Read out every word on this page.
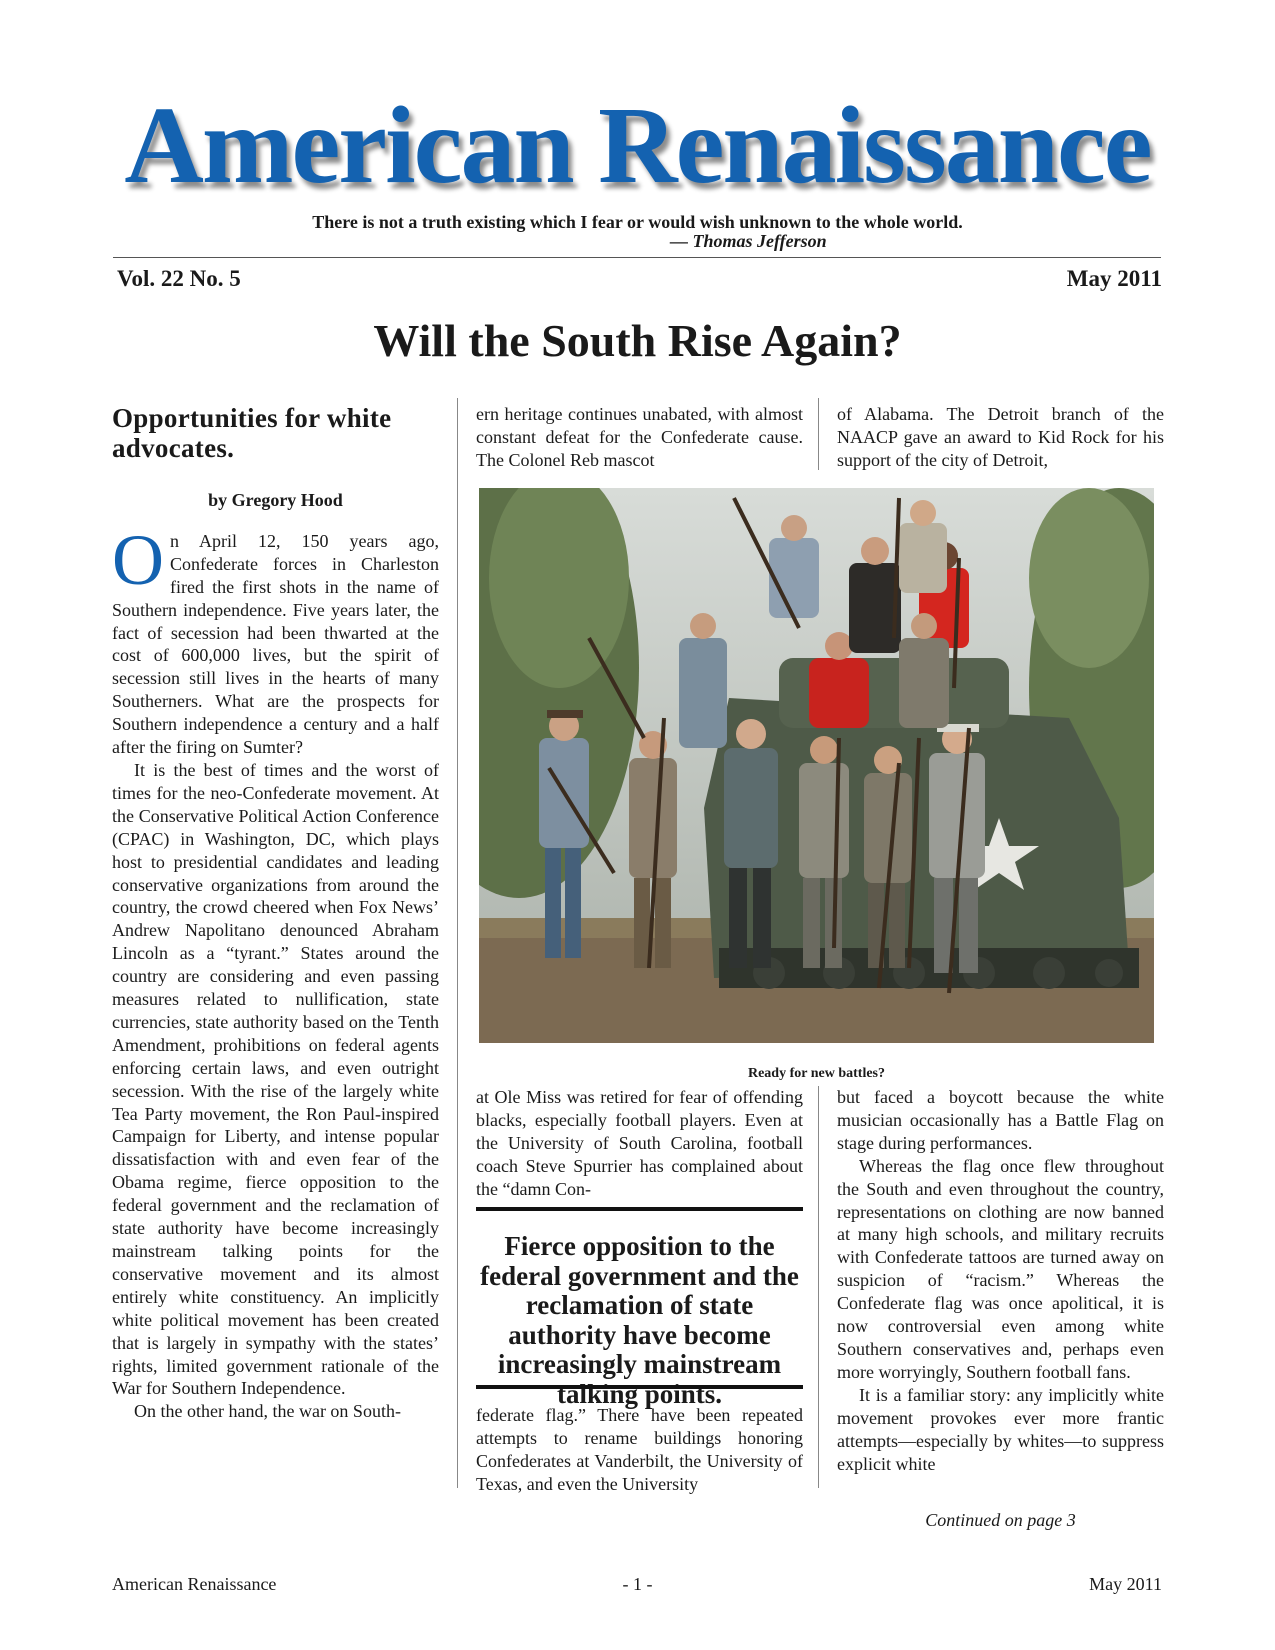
American Renaissance
There is not a truth existing which I fear or would wish unknown to the whole world.
— Thomas Jefferson
Vol. 22 No. 5	May 2011
Will the South Rise Again?
Opportunities for white advocates.
by Gregory Hood

On April 12, 150 years ago, Confederate forces in Charleston fired the first shots in the name of Southern independence. Five years later, the fact of secession had been thwarted at the cost of 600,000 lives, but the spirit of secession still lives in the hearts of many Southerners. What are the prospects for Southern independence a century and a half after the firing on Sumter?

It is the best of times and the worst of times for the neo-Confederate movement. At the Conservative Political Action Conference (CPAC) in Washington, DC, which plays host to presidential candidates and leading conservative organizations from around the country, the crowd cheered when Fox News’ Andrew Napolitano denounced Abraham Lincoln as a “tyrant.” States around the country are considering and even passing measures related to nullification, state currencies, state authority based on the Tenth Amendment, prohibitions on federal agents enforcing certain laws, and even outright secession. With the rise of the largely white Tea Party movement, the Ron Paul-inspired Campaign for Liberty, and intense popular dissatisfaction with and even fear of the Obama regime, fierce opposition to the federal government and the reclamation of state authority have become increasingly mainstream talking points for the conservative movement and its almost entirely white constituency. An implicitly white political movement has been created that is largely in sympathy with the states’ rights, limited government rationale of the War for Southern Independence.

On the other hand, the war on South-

ern heritage continues unabated, with almost constant defeat for the Confederate cause. The Colonel Reb mascot
of Alabama. The Detroit branch of the NAACP gave an award to Kid Rock for his support of the city of Detroit,
Ready for new battles?
at Ole Miss was retired for fear of offending blacks, especially football players. Even at the University of South Carolina, football coach Steve Spurrier has complained about the “damn Con-
Fierce opposition to the federal government and the reclamation of state authority have become increasingly mainstream talking points.
federate flag.” There have been repeated attempts to rename buildings honoring Confederates at Vanderbilt, the University of Texas, and even the University

but faced a boycott because the white musician occasionally has a Battle Flag on stage during performances.

Whereas the flag once flew throughout the South and even throughout the country, representations on clothing are now banned at many high schools, and military recruits with Confederate tattoos are turned away on suspicion of “racism.” Whereas the Confederate flag was once apolitical, it is now controversial even among white Southern conservatives and, perhaps even more worryingly, Southern football fans.

It is a familiar story: any implicitly white movement provokes ever more frantic attempts—especially by whites—to suppress explicit white

Continued on page 3
American Renaissance	- 1 -	May 2011
